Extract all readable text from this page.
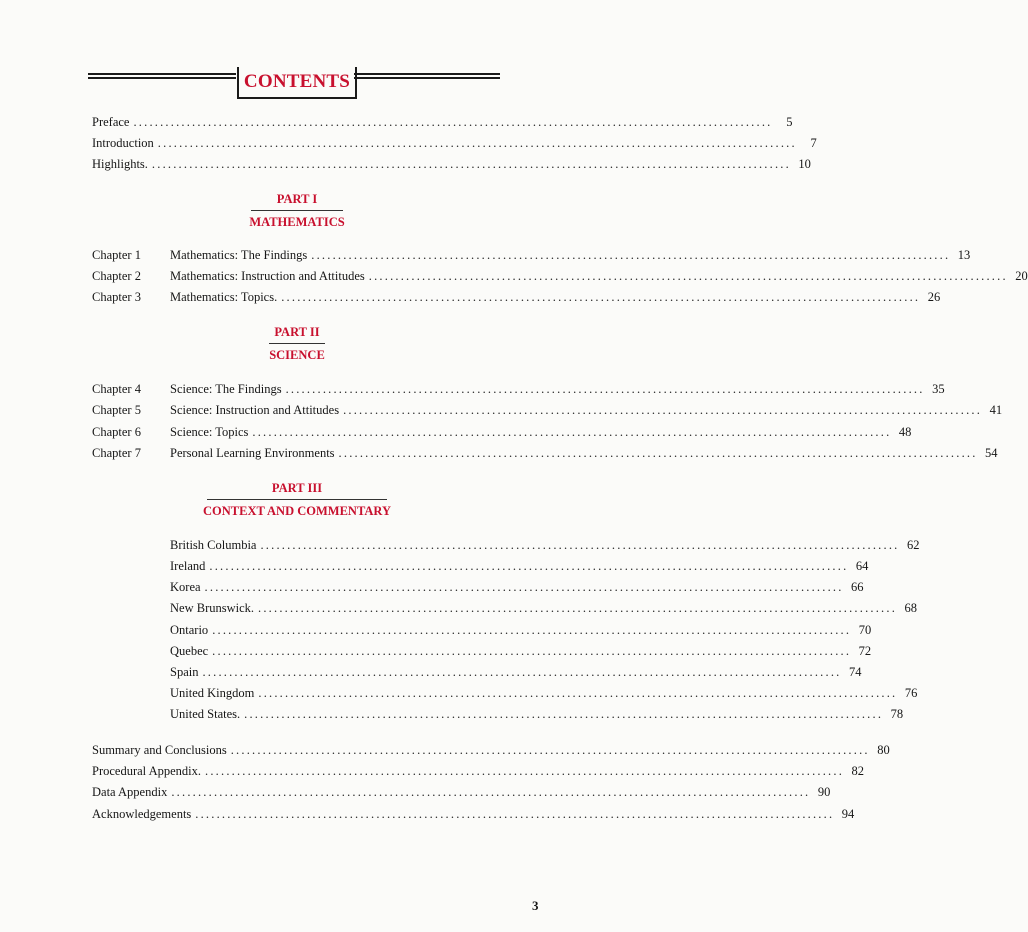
CONTENTS
Preface ........................................................................................................................	5
Introduction ........................................................................................................................	7
Highlights. ........................................................................................................................ 10
PART I
MATHEMATICS
Chapter 1 Mathematics: The Findings ........................................................................................................................ 13
Chapter 2 Mathematics: Instruction and Attitudes ........................................................................................................................ 20
Chapter 3 Mathematics: Topics. ........................................................................................................................ 26
PART II
SCIENCE
Chapter 4 Science: The Findings ........................................................................................................................ 35
Chapter 5 Science: Instruction and Attitudes ........................................................................................................................ 41
Chapter 6 Science: Topics ........................................................................................................................ 48
Chapter 7 Personal Learning Environments ........................................................................................................................ 54
PART III
CONTEXT AND COMMENTARY
British Columbia ........................................................................................................................ 62
Ireland ........................................................................................................................ 64
Korea ........................................................................................................................ 66
New Brunswick. ........................................................................................................................ 68
Ontario ........................................................................................................................ 70
Quebec ........................................................................................................................ 72
Spain ........................................................................................................................ 74
United Kingdom ........................................................................................................................ 76
United States. ........................................................................................................................ 78
Summary and Conclusions ........................................................................................................................ 80
Procedural Appendix. ........................................................................................................................ 82
Data Appendix ........................................................................................................................ 90
Acknowledgements ........................................................................................................................ 94
3
